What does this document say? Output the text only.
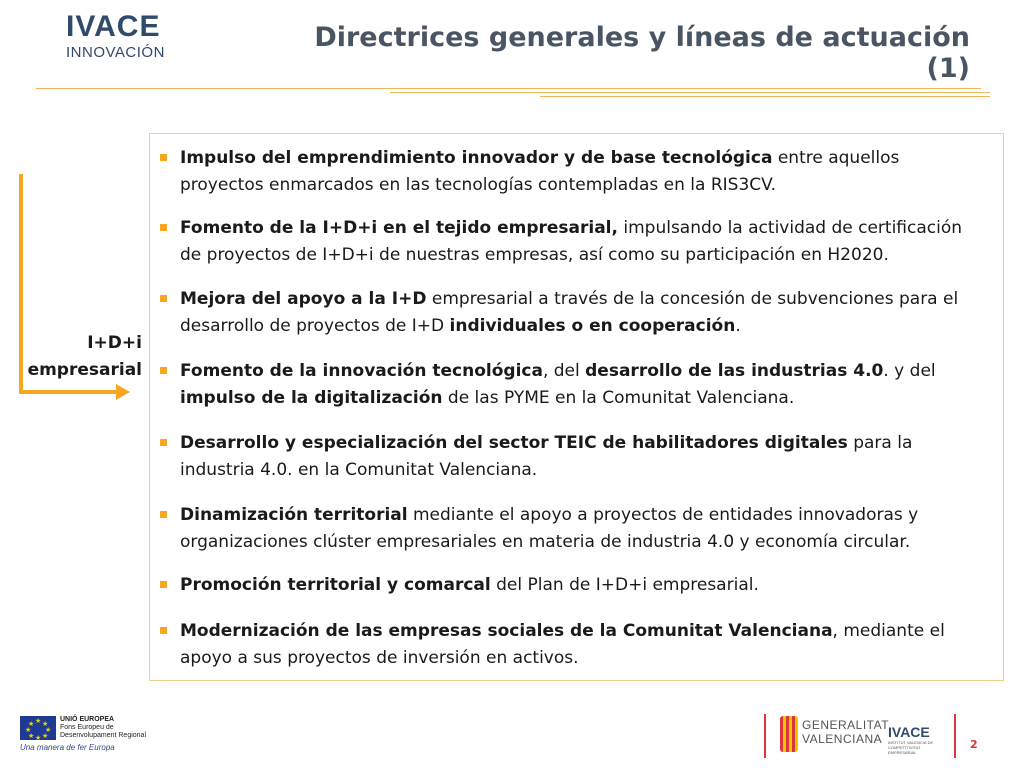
IVACE
INNOVACIÓN	Directrices generales y líneas de actuación (1)
I+D+i
empresarial
Impulso del emprendimiento innovador y de base tecnológica entre aquellos proyectos enmarcados en las tecnologías contempladas en la RIS3CV.
Fomento de la I+D+i en el tejido empresarial, impulsando la actividad de certificación de proyectos de I+D+i de nuestras empresas, así como su participación en H2020.
Mejora del apoyo a la I+D empresarial a través de la concesión de subvenciones para el desarrollo de proyectos de I+D individuales o en cooperación.
Fomento de la innovación tecnológica, del desarrollo de las industrias 4.0. y del impulso de la digitalización de las PYME en la Comunitat Valenciana.
Desarrollo y especialización del sector TEIC de habilitadores digitales para la industria 4.0. en la Comunitat Valenciana.
Dinamización territorial mediante el apoyo a proyectos de entidades innovadoras y organizaciones clúster empresariales en materia de industria 4.0 y economía circular.
Promoción territorial y comarcal del Plan de I+D+i empresarial.
Modernización de las empresas sociales de la Comunitat Valenciana, mediante el apoyo a sus proyectos de inversión en activos.
★ ★
★
★
★
★
★
★
UNIÓ EUROPEA
Fons Europeu de
Desenvolupament Regional
Una manera de fer Europa
GENERALITAT
VALENCIANA IVACE
INSTITUT VALENCIÀ DE COMPETITIVITAT EMPRESARIAL
2
